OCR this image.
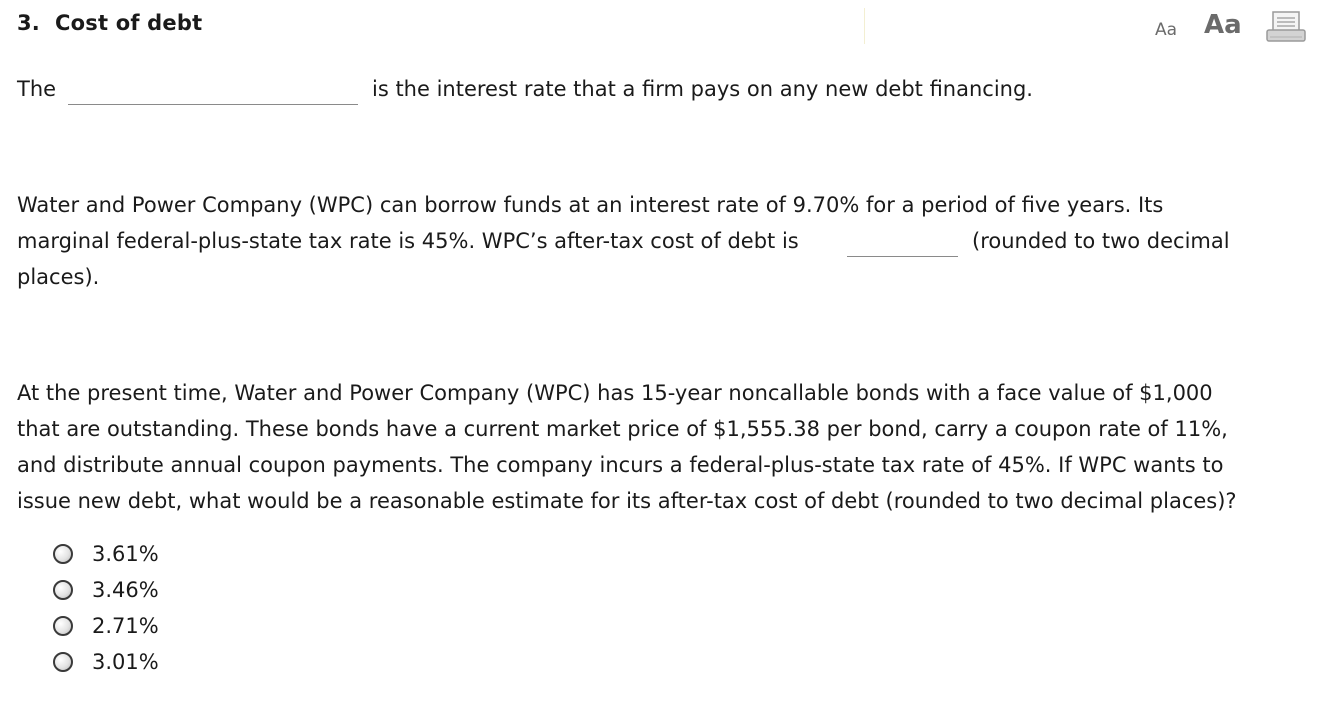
3.  Cost of debt	Aa Aa
The	is the interest rate that a firm pays on any new debt financing.
Water and Power Company (WPC) can borrow funds at an interest rate of 9.70% for a period of five years. Its
marginal federal-plus-state tax rate is 45%. WPC’s after-tax cost of debt is	(rounded to two decimal
places).
At the present time, Water and Power Company (WPC) has 15-year noncallable bonds with a face value of $1,000
that are outstanding. These bonds have a current market price of $1,555.38 per bond, carry a coupon rate of 11%,
and distribute annual coupon payments. The company incurs a federal-plus-state tax rate of 45%. If WPC wants to
issue new debt, what would be a reasonable estimate for its after-tax cost of debt (rounded to two decimal places)?
3.61%
3.46%
2.71%
3.01%
